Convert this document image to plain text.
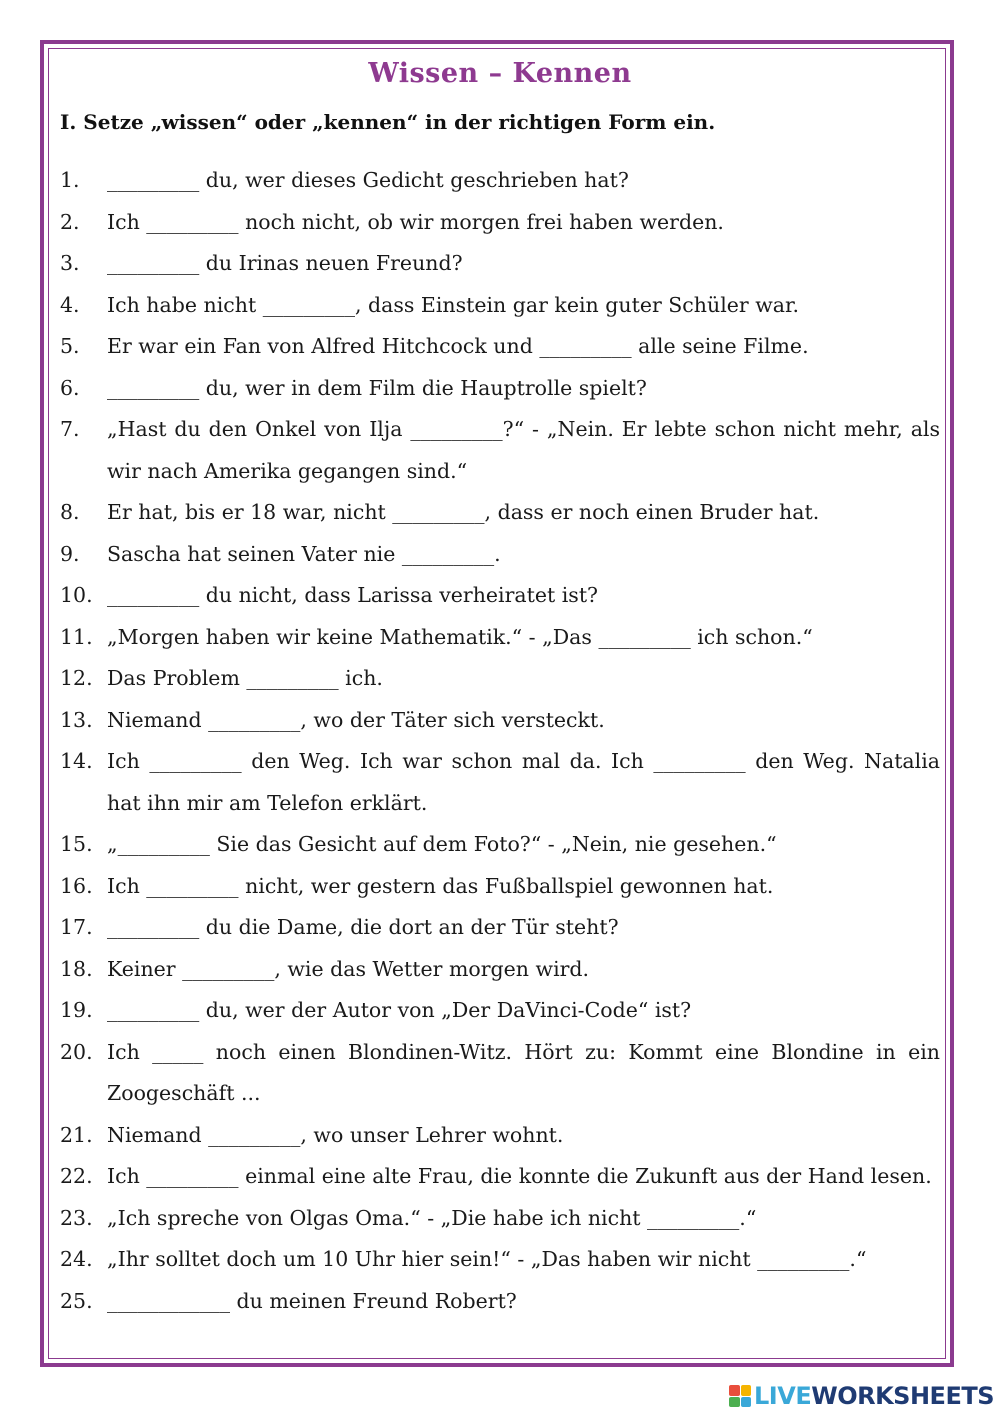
Wissen – Kennen
I. Setze „wissen“ oder „kennen“ in der richtigen Form ein.
1.	_________ du, wer dieses Gedicht geschrieben hat?
2.	Ich _________ noch nicht, ob wir morgen frei haben werden.
3.	_________ du Irinas neuen Freund?
4.	Ich habe nicht _________, dass Einstein gar kein guter Schüler war.
5.	Er war ein Fan von Alfred Hitchcock und _________ alle seine Filme.
6.	_________ du, wer in dem Film die Hauptrolle spielt?
7.	„Hast du den Onkel von Ilja _________?“ - „Nein. Er lebte schon nicht mehr, als wir nach Amerika gegangen sind.“
8.	Er hat, bis er 18 war, nicht _________, dass er noch einen Bruder hat.
9.	Sascha hat seinen Vater nie _________.
10. _________ du nicht, dass Larissa verheiratet ist?
11. „Morgen haben wir keine Mathematik.“ - „Das _________ ich schon.“
12. Das Problem _________ ich.
13. Niemand _________, wo der Täter sich versteckt.
14. Ich _________ den Weg. Ich war schon mal da. Ich _________ den Weg. Natalia hat ihn mir am Telefon erklärt.
15. „_________ Sie das Gesicht auf dem Foto?“ - „Nein, nie gesehen.“
16. Ich _________ nicht, wer gestern das Fußballspiel gewonnen hat.
17. _________ du die Dame, die dort an der Tür steht?
18. Keiner _________, wie das Wetter morgen wird.
19. _________ du, wer der Autor von „Der DaVinci-Code“ ist?
20. Ich _____ noch einen Blondinen-Witz. Hört zu: Kommt eine Blondine in ein Zoogeschäft ...
21. Niemand _________, wo unser Lehrer wohnt.
22. Ich _________ einmal eine alte Frau, die konnte die Zukunft aus der Hand lesen.
23. „Ich spreche von Olgas Oma.“ - „Die habe ich nicht _________.“
24. „Ihr solltet doch um 10 Uhr hier sein!“ - „Das haben wir nicht _________.“
25. ____________ du meinen Freund Robert?
LIVE WORKSHEETS
